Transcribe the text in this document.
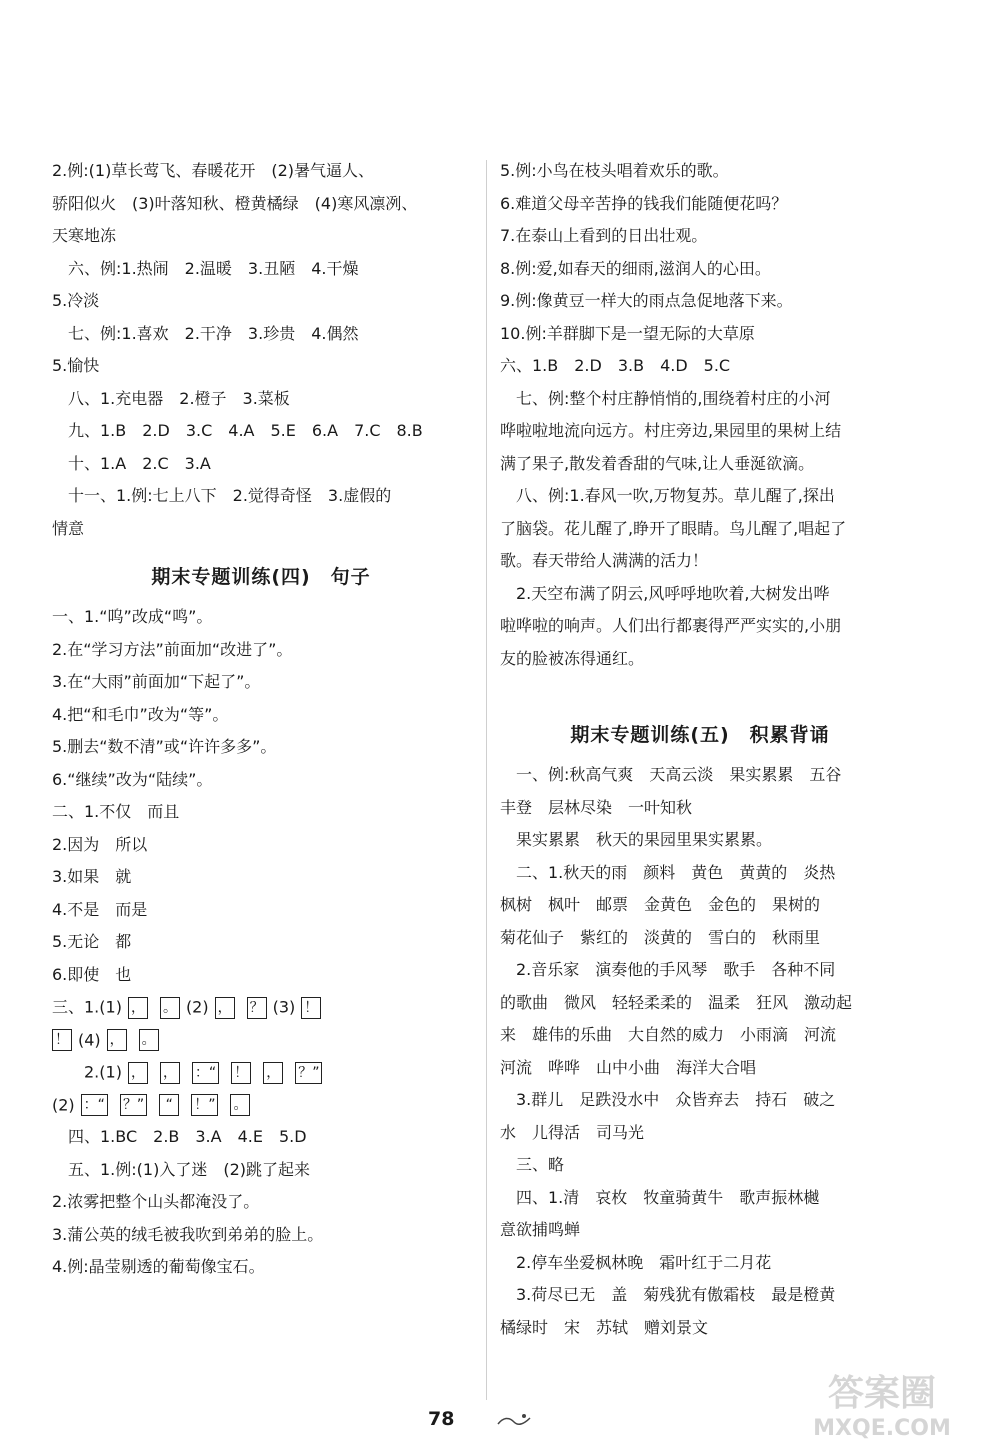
2.例:(1)草长莺飞、春暖花开　(2)暑气逼人、
骄阳似火　(3)叶落知秋、橙黄橘绿　(4)寒风凛冽、
天寒地冻
　六、例:1.热闹　2.温暖　3.丑陋　4.干燥
5.冷淡
　七、例:1.喜欢　2.干净　3.珍贵　4.偶然
5.愉快
　八、1.充电器　2.橙子　3.菜板
　九、1.B　2.D　3.C　4.A　5.E　6.A　7.C　8.B
　十、1.A　2.C　3.A
　十一、1.例:七上八下　2.觉得奇怪　3.虚假的
情意
期末专题训练(四)　句子
一、1.“呜”改成“鸣”。
2.在“学习方法”前面加“改进了”。
3.在“大雨”前面加“下起了”。
4.把“和毛巾”改为“等”。
5.删去“数不清”或“许许多多”。
6.“继续”改为“陆续”。
二、1.不仅　而且
2.因为　所以
3.如果　就
4.不是　而是
5.无论　都
6.即使　也
三、1.(1) ， 。 (2) ， ？ (3) ！
！ (4) ， 。
2.(1) ， ， ：“ ！ ， ？”
(2) ：“ ？” “ ！” 。
　四、1.BC　2.B　3.A　4.E　5.D
　五、1.例:(1)入了迷　(2)跳了起来
2.浓雾把整个山头都淹没了。
3.蒲公英的绒毛被我吹到弟弟的脸上。
4.例:晶莹剔透的葡萄像宝石。
5.例:小鸟在枝头唱着欢乐的歌。
6.难道父母辛苦挣的钱我们能随便花吗？
7.在泰山上看到的日出壮观。
8.例:爱,如春天的细雨,滋润人的心田。
9.例:像黄豆一样大的雨点急促地落下来。
10.例:羊群脚下是一望无际的大草原
六、1.B　2.D　3.B　4.D　5.C
　七、例:整个村庄静悄悄的,围绕着村庄的小河
哗啦啦地流向远方。村庄旁边,果园里的果树上结
满了果子,散发着香甜的气味,让人垂涎欲滴。
　八、例:1.春风一吹,万物复苏。草儿醒了,探出
了脑袋。花儿醒了,睁开了眼睛。鸟儿醒了,唱起了
歌。春天带给人满满的活力！
　2.天空布满了阴云,风呼呼地吹着,大树发出哗
啦哗啦的响声。人们出行都裹得严严实实的,小朋
友的脸被冻得通红。
期末专题训练(五)　积累背诵
　一、例:秋高气爽　天高云淡　果实累累　五谷
丰登　层林尽染　一叶知秋
　果实累累　秋天的果园里果实累累。
　二、1.秋天的雨　颜料　黄色　黄黄的　炎热
枫树　枫叶　邮票　金黄色　金色的　果树的
菊花仙子　紫红的　淡黄的　雪白的　秋雨里
　2.音乐家　演奏他的手风琴　歌手　各种不同
的歌曲　微风　轻轻柔柔的　温柔　狂风　激动起
来　雄伟的乐曲　大自然的威力　小雨滴　河流
河流　哗哗　山中小曲　海洋大合唱
　3.群儿　足跌没水中　众皆弃去　持石　破之
水　儿得活　司马光
　三、略
　四、1.清　哀枚　牧童骑黄牛　歌声振林樾
意欲捕鸣蝉
　2.停车坐爱枫林晚　霜叶红于二月花
　3.荷尽已无　盖　菊残犹有傲霜枝　最是橙黄
橘绿时　宋　苏轼　赠刘景文
78
答案圈
MXQE.COM
